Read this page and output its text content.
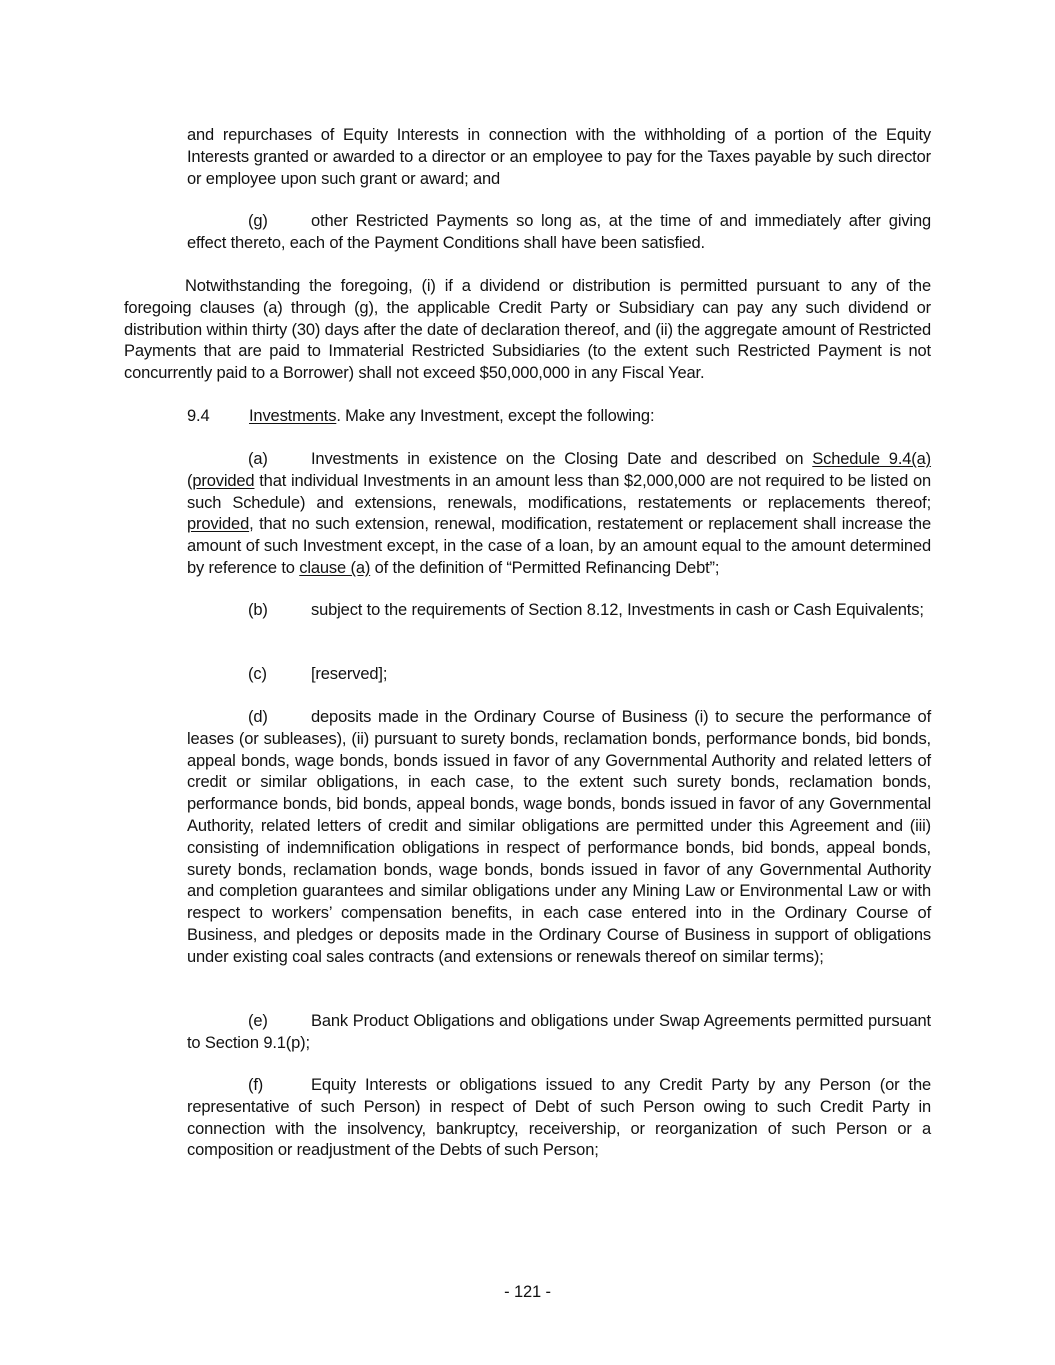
and repurchases of Equity Interests in connection with the withholding of a portion of the Equity Interests granted or awarded to a director or an employee to pay for the Taxes payable by such director or employee upon such grant or award; and

(g)	other Restricted Payments so long as, at the time of and immediately after giving effect thereto, each of the Payment Conditions shall have been satisfied.

Notwithstanding the foregoing, (i) if a dividend or distribution is permitted pursuant to any of the foregoing clauses (a) through (g), the applicable Credit Party or Subsidiary can pay any such dividend or distribution within thirty (30) days after the date of declaration thereof, and (ii) the aggregate amount of Restricted Payments that are paid to Immaterial Restricted Subsidiaries (to the extent such Restricted Payment is not concurrently paid to a Borrower) shall not exceed $50,000,000 in any Fiscal Year.

9.4 Investments. Make any Investment, except the following:

(a)	Investments in existence on the Closing Date and described on Schedule 9.4(a) (provided that individual Investments in an amount less than $2,000,000 are not required to be listed on such Schedule) and extensions, renewals, modifications, restatements or replacements thereof; provided, that no such extension, renewal, modification, restatement or replacement shall increase the amount of such Investment except, in the case of a loan, by an amount equal to the amount determined by reference to clause (a) of the definition of “Permitted Refinancing Debt”;

(b)	subject to the requirements of Section 8.12, Investments in cash or Cash Equivalents;

(c)	[reserved];

(d)	deposits made in the Ordinary Course of Business (i) to secure the performance of leases (or subleases), (ii) pursuant to surety bonds, reclamation bonds, performance bonds, bid bonds, appeal bonds, wage bonds, bonds issued in favor of any Governmental Authority and related letters of credit or similar obligations, in each case, to the extent such surety bonds, reclamation bonds, performance bonds, bid bonds, appeal bonds, wage bonds, bonds issued in favor of any Governmental Authority, related letters of credit and similar obligations are permitted under this Agreement and (iii) consisting of indemnification obligations in respect of performance bonds, bid bonds, appeal bonds, surety bonds, reclamation bonds, wage bonds, bonds issued in favor of any Governmental Authority and completion guarantees and similar obligations under any Mining Law or Environmental Law or with respect to workers’ compensation benefits, in each case entered into in the Ordinary Course of Business, and pledges or deposits made in the Ordinary Course of Business in support of obligations under existing coal sales contracts (and extensions or renewals thereof on similar terms);

(e)	Bank Product Obligations and obligations under Swap Agreements permitted pursuant to Section 9.1(p);

(f)	Equity Interests or obligations issued to any Credit Party by any Person (or the representative of such Person) in respect of Debt of such Person owing to such Credit Party in connection with the insolvency, bankruptcy, receivership, or reorganization of such Person or a composition or readjustment of the Debts of such Person;

- 121 -
